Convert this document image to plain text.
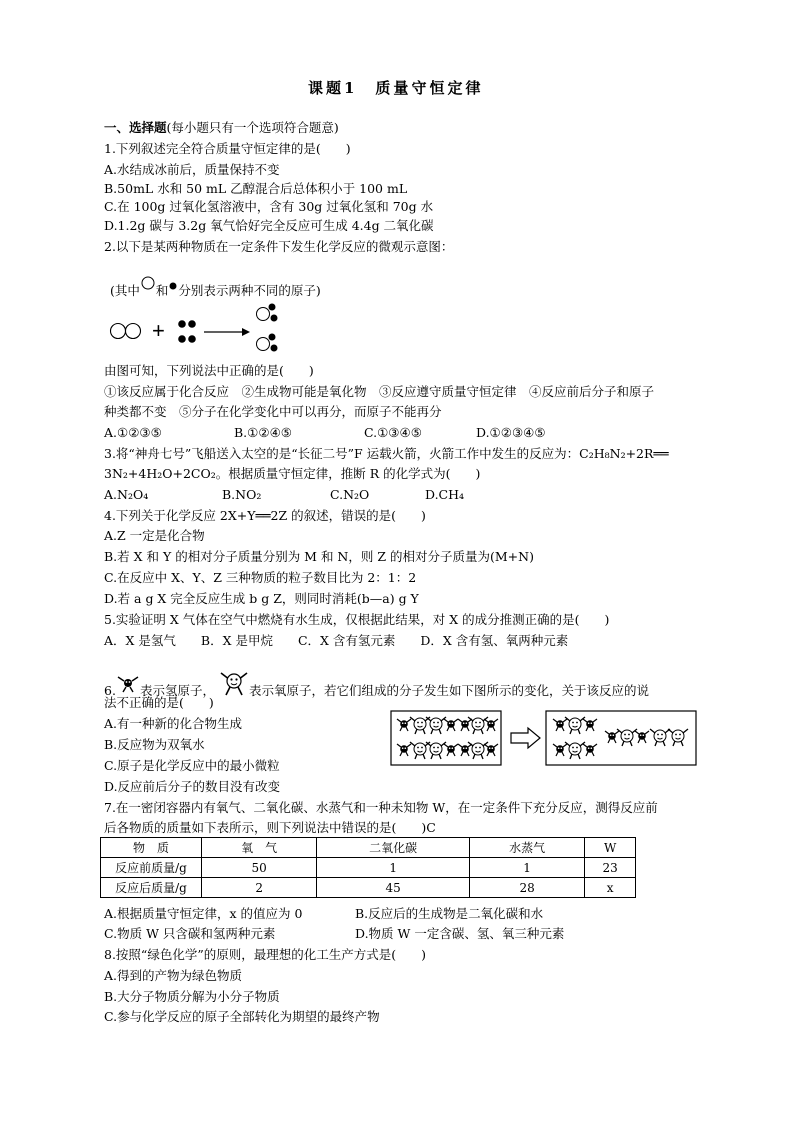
课题1　质量守恒定律
一、选择题(每小题只有一个选项符合题意)
1.下列叙述完全符合质量守恒定律的是(　　)
A.水结成冰前后，质量保持不变
B.50mL 水和 50 mL 乙醇混合后总体积小于 100 mL
C.在 100g 过氧化氢溶液中，含有 30g 过氧化氢和 70g 水
D.1.2g 碳与 3.2g 氧气恰好完全反应可生成 4.4g 二氧化碳
2.以下是某两种物质在一定条件下发生化学反应的微观示意图：
(其中 和 分别表示两种不同的原子)
+
由图可知，下列说法中正确的是(　　)
①该反应属于化合反应　②生成物可能是氧化物　③反应遵守质量守恒定律　④反应前后分子和原子
种类都不变　⑤分子在化学变化中可以再分，而原子不能再分
A.①②③⑤	B.①②④⑤	C.①③④⑤	D.①②③④⑤
3.将“神舟七号”飞船送入太空的是“长征二号”F 运载火箭，火箭工作中发生的反应为：C₂H₈N₂+2R══
3N₂+4H₂O+2CO₂。根据质量守恒定律，推断 R 的化学式为(　　)
A.N₂O₄	B.NO₂	C.N₂O	D.CH₄
4.下列关于化学反应 2X+Y══2Z 的叙述，错误的是(　　)
A.Z 一定是化合物
B.若 X 和 Y 的相对分子质量分别为 M 和 N，则 Z 的相对分子质量为(M+N)
C.在反应中 X、Y、Z 三种物质的粒子数目比为 2：1：2
D.若 a g X 完全反应生成 b g Z，则同时消耗(b—a) g Y
5.实验证明 X 气体在空气中燃烧有水生成，仅根据此结果，对 X 的成分推测正确的是(　　)
A．X 是氢气　　B．X 是甲烷　　C．X 含有氢元素　　D．X 含有氢、氧两种元素
6. 表示氢原子，	表示氧原子，若它们组成的分子发生如下图所示的变化，关于该反应的说
法不正确的是(　　)
A.有一种新的化合物生成
B.反应物为双氧水
C.原子是化学反应中的最小微粒
D.反应前后分子的数目没有改变
7.在一密闭容器内有氧气、二氧化碳、水蒸气和一种未知物 W，在一定条件下充分反应，测得反应前
后各物质的质量如下表所示，则下列说法中错误的是(　　)C
物　质	氧　气	二氧化碳	水蒸气	W
反应前质量/g	50	1	1	23
反应后质量/g	2	45	28	x
A.根据质量守恒定律，x 的值应为 0	B.反应后的生成物是二氧化碳和水
C.物质 W 只含碳和氢两种元素	D.物质 W 一定含碳、氢、氧三种元素
8.按照“绿色化学”的原则，最理想的化工生产方式是(　　)
A.得到的产物为绿色物质
B.大分子物质分解为小分子物质
C.参与化学反应的原子全部转化为期望的最终产物
